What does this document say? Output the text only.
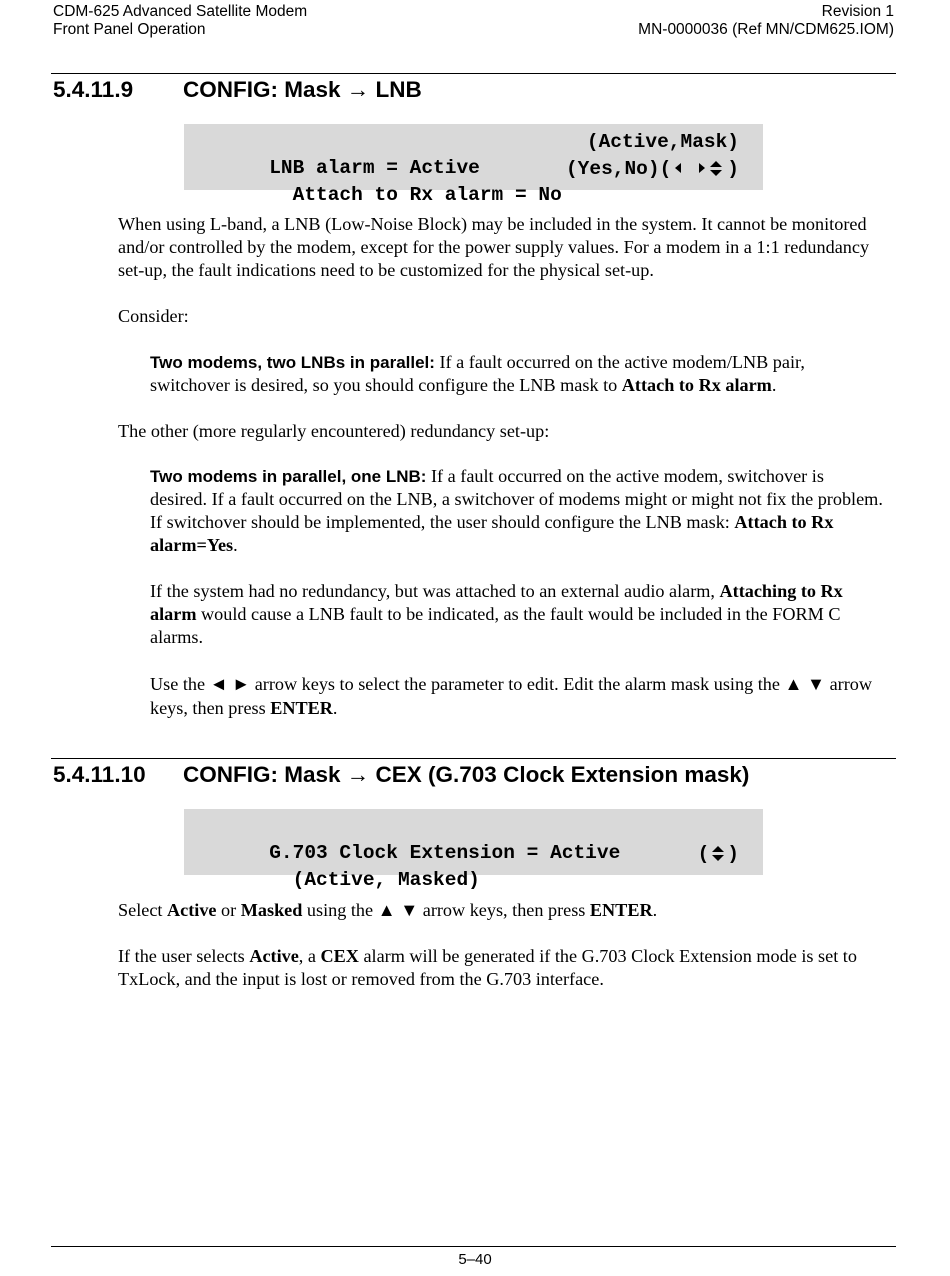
CDM-625 Advanced Satellite Modem
Front Panel Operation
Revision 1
MN-0000036 (Ref MN/CDM625.IOM)
5.4.11.9 CONFIG: Mask → LNB

LNB alarm = Active

(Active,Mask)

Attach to Rx alarm = No

(Yes,No)(	)

When using L-band, a LNB (Low-Noise Block) may be included in the system. It cannot be monitored and/or controlled by the modem, except for the power supply values. For a modem in a 1:1 redundancy set-up, the fault indications need to be customized for the physical set-up.
Consider:
Two modems, two LNBs in parallel: If a fault occurred on the active modem/LNB pair, switchover is desired, so you should configure the LNB mask to Attach to Rx alarm.
The other (more regularly encountered) redundancy set-up:
Two modems in parallel, one LNB: If a fault occurred on the active modem, switchover is desired. If a fault occurred on the LNB, a switchover of modems might or might not fix the problem. If switchover should be implemented, the user should configure the LNB mask: Attach to Rx alarm=Yes.
If the system had no redundancy, but was attached to an external audio alarm, Attaching to Rx alarm would cause a LNB fault to be indicated, as the fault would be included in the FORM C alarms.
Use the ◄ ► arrow keys to select the parameter to edit. Edit the alarm mask using the ▲ ▼ arrow keys, then press ENTER.
5.4.11.10 CONFIG: Mask → CEX (G.703 Clock Extension mask)

G.703 Clock Extension = Active

(Active, Masked)

( )

Select Active or Masked using the ▲ ▼ arrow keys, then press ENTER.
If the user selects Active, a CEX alarm will be generated if the G.703 Clock Extension mode is set to TxLock, and the input is lost or removed from the G.703 interface.
5–40
